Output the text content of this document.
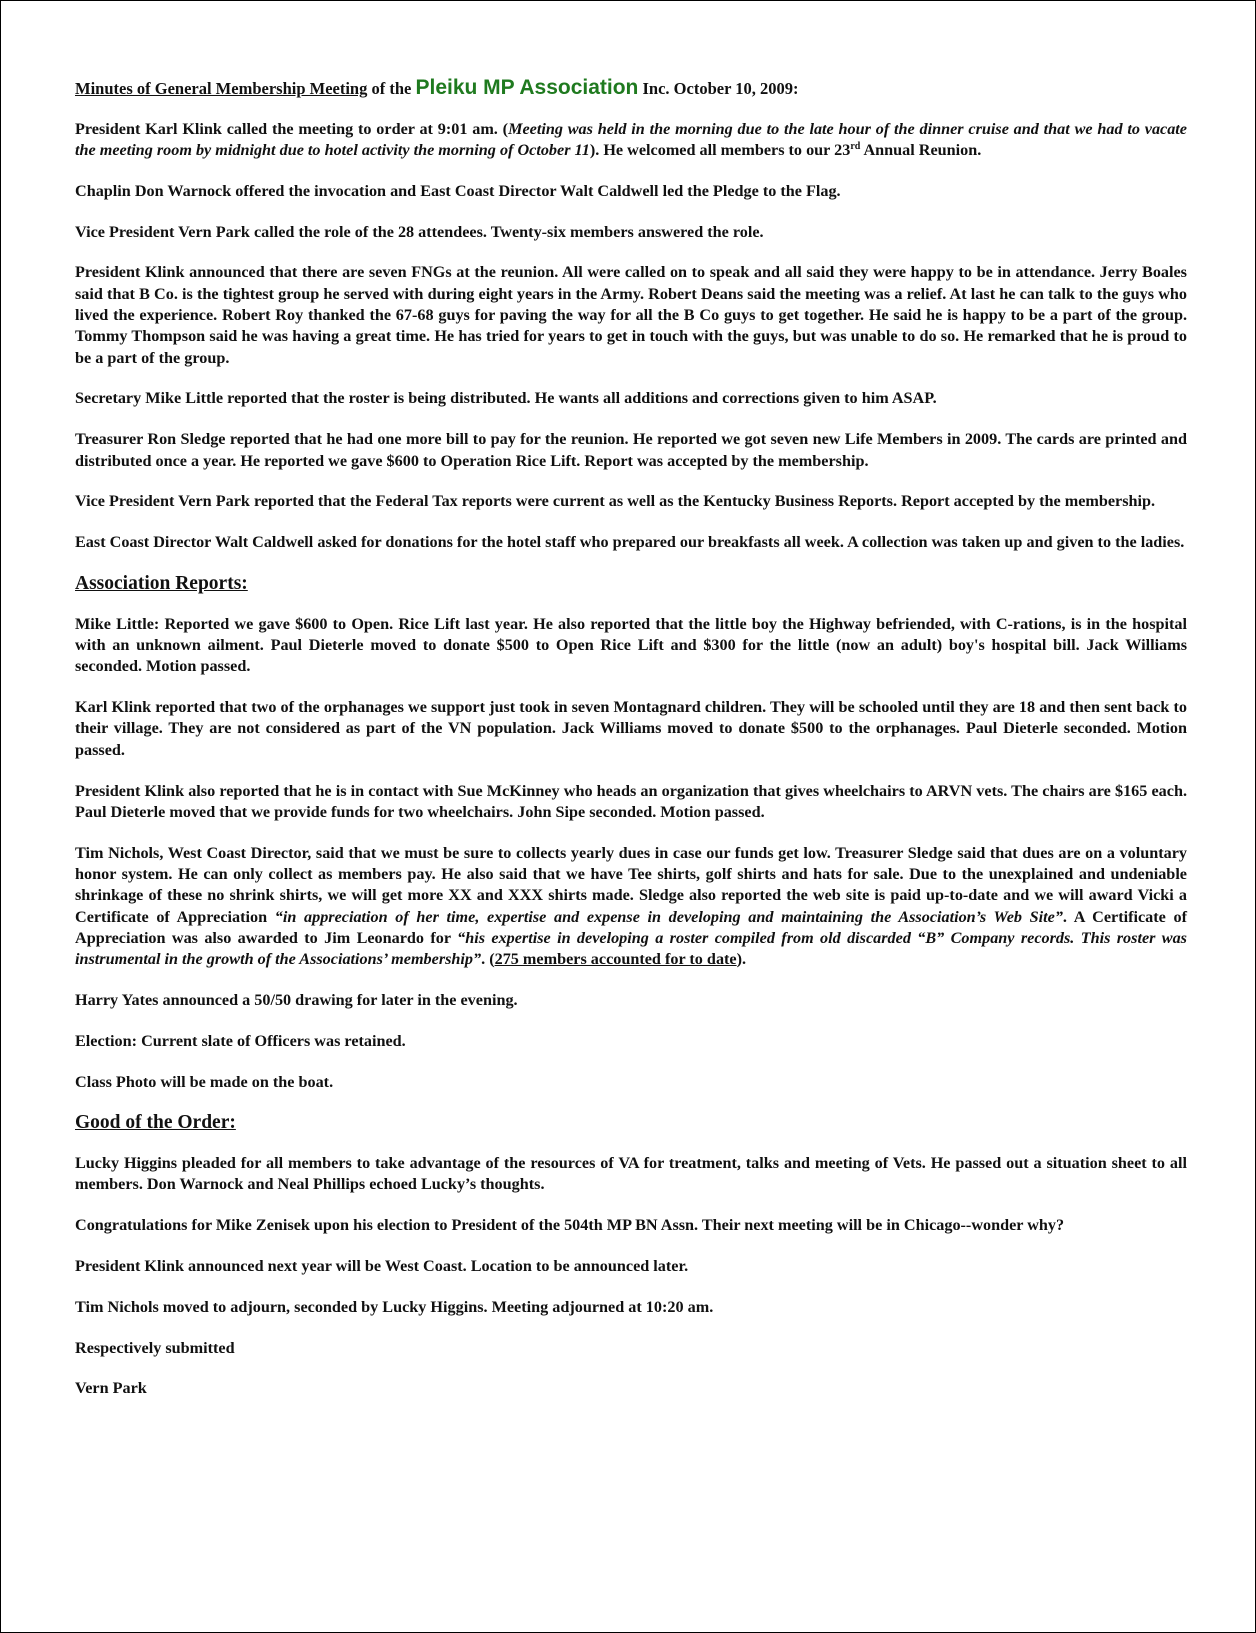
Minutes of General Membership Meeting of the Pleiku MP Association Inc. October 10, 2009:

President Karl Klink called the meeting to order at 9:01 am. (Meeting was held in the morning due to the late hour of the dinner cruise and that we had to vacate the meeting room by midnight due to hotel activity the morning of October 11). He welcomed all members to our 23rd Annual Reunion.

Chaplin Don Warnock offered the invocation and East Coast Director Walt Caldwell led the Pledge to the Flag.

Vice President Vern Park called the role of the 28 attendees. Twenty-six members answered the role.

President Klink announced that there are seven FNGs at the reunion. All were called on to speak and all said they were happy to be in attendance. Jerry Boales said that B Co. is the tightest group he served with during eight years in the Army. Robert Deans said the meeting was a relief. At last he can talk to the guys who lived the experience. Robert Roy thanked the 67-68 guys for paving the way for all the B Co guys to get together. He said he is happy to be a part of the group. Tommy Thompson said he was having a great time. He has tried for years to get in touch with the guys, but was unable to do so. He remarked that he is proud to be a part of the group.

Secretary Mike Little reported that the roster is being distributed. He wants all additions and corrections given to him ASAP.

Treasurer Ron Sledge reported that he had one more bill to pay for the reunion. He reported we got seven new Life Members in 2009. The cards are printed and distributed once a year. He reported we gave $600 to Operation Rice Lift. Report was accepted by the membership.

Vice President Vern Park reported that the Federal Tax reports were current as well as the Kentucky Business Reports. Report accepted by the membership.

East Coast Director Walt Caldwell asked for donations for the hotel staff who prepared our breakfasts all week. A collection was taken up and given to the ladies.

Association Reports:

Mike Little: Reported we gave $600 to Open. Rice Lift last year. He also reported that the little boy the Highway befriended, with C-rations, is in the hospital with an unknown ailment. Paul Dieterle moved to donate $500 to Open Rice Lift and $300 for the little (now an adult) boy's hospital bill. Jack Williams seconded. Motion passed.

Karl Klink reported that two of the orphanages we support just took in seven Montagnard children. They will be schooled until they are 18 and then sent back to their village. They are not considered as part of the VN population. Jack Williams moved to donate $500 to the orphanages. Paul Dieterle seconded. Motion passed.

President Klink also reported that he is in contact with Sue McKinney who heads an organization that gives wheelchairs to ARVN vets. The chairs are $165 each. Paul Dieterle moved that we provide funds for two wheelchairs. John Sipe seconded. Motion passed.

Tim Nichols, West Coast Director, said that we must be sure to collects yearly dues in case our funds get low. Treasurer Sledge said that dues are on a voluntary honor system. He can only collect as members pay. He also said that we have Tee shirts, golf shirts and hats for sale. Due to the unexplained and undeniable shrinkage of these no shrink shirts, we will get more XX and XXX shirts made. Sledge also reported the web site is paid up-to-date and we will award Vicki a Certificate of Appreciation “in appreciation of her time, expertise and expense in developing and maintaining the Association’s Web Site”. A Certificate of Appreciation was also awarded to Jim Leonardo for “his expertise in developing a roster compiled from old discarded “B” Company records. This roster was instrumental in the growth of the Associations’ membership”. (275 members accounted for to date).

Harry Yates announced a 50/50 drawing for later in the evening.

Election: Current slate of Officers was retained.

Class Photo will be made on the boat.

Good of the Order:

Lucky Higgins pleaded for all members to take advantage of the resources of VA for treatment, talks and meeting of Vets. He passed out a situation sheet to all members. Don Warnock and Neal Phillips echoed Lucky’s thoughts.

Congratulations for Mike Zenisek upon his election to President of the 504th MP BN Assn. Their next meeting will be in Chicago--wonder why?

President Klink announced next year will be West Coast. Location to be announced later.

Tim Nichols moved to adjourn, seconded by Lucky Higgins. Meeting adjourned at 10:20 am.

Respectively submitted

Vern Park
